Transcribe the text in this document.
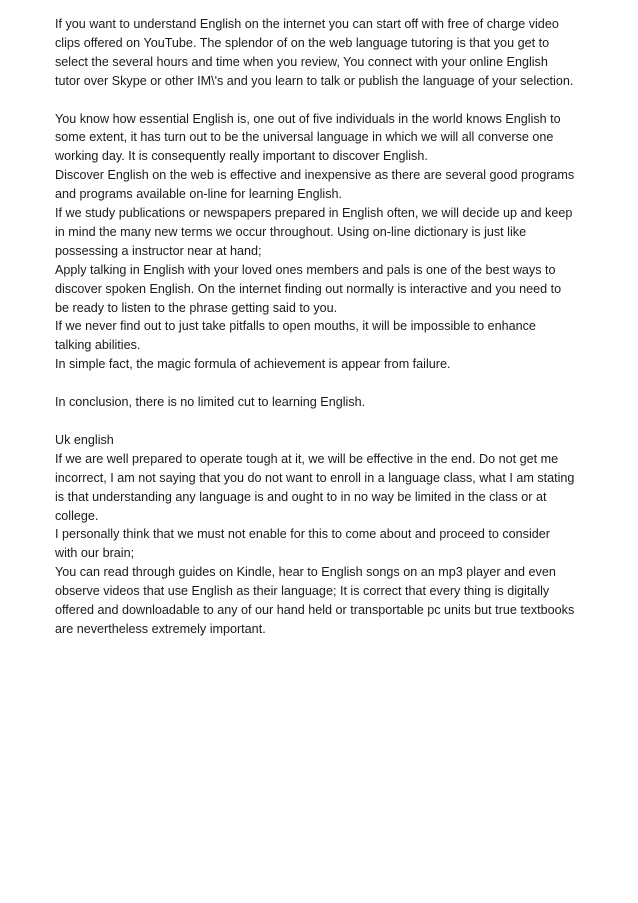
If you want to understand English on the internet you can start off with free of charge video
clips offered on YouTube. The splendor of on the web language tutoring is that you get to
select the several hours and time when you review, You connect with your online English
tutor over Skype or other IM\'s and you learn to talk or publish the language of your selection.
You know how essential English is, one out of five individuals in the world knows English to
some extent, it has turn out to be the universal language in which we will all converse one
working day. It is consequently really important to discover English.
Discover English on the web is effective and inexpensive as there are several good programs
and programs available on-line for learning English.
If we study publications or newspapers prepared in English often, we will decide up and keep
in mind the many new terms we occur throughout. Using on-line dictionary is just like
possessing a instructor near at hand;
Apply talking in English with your loved ones members and pals is one of the best ways to
discover spoken English. On the internet finding out normally is interactive and you need to
be ready to listen to the phrase getting said to you.
If we never find out to just take pitfalls to open mouths, it will be impossible to enhance
talking abilities.
In simple fact, the magic formula of achievement is appear from failure.
In conclusion, there is no limited cut to learning English.
Uk english
If we are well prepared to operate tough at it, we will be effective in the end. Do not get me
incorrect, I am not saying that you do not want to enroll in a language class, what I am stating
is that understanding any language is and ought to in no way be limited in the class or at
college.
I personally think that we must not enable for this to come about and proceed to consider
with our brain;
You can read through guides on Kindle, hear to English songs on an mp3 player and even
observe videos that use English as their language; It is correct that every thing is digitally
offered and downloadable to any of our hand held or transportable pc units but true textbooks
are nevertheless extremely important.
